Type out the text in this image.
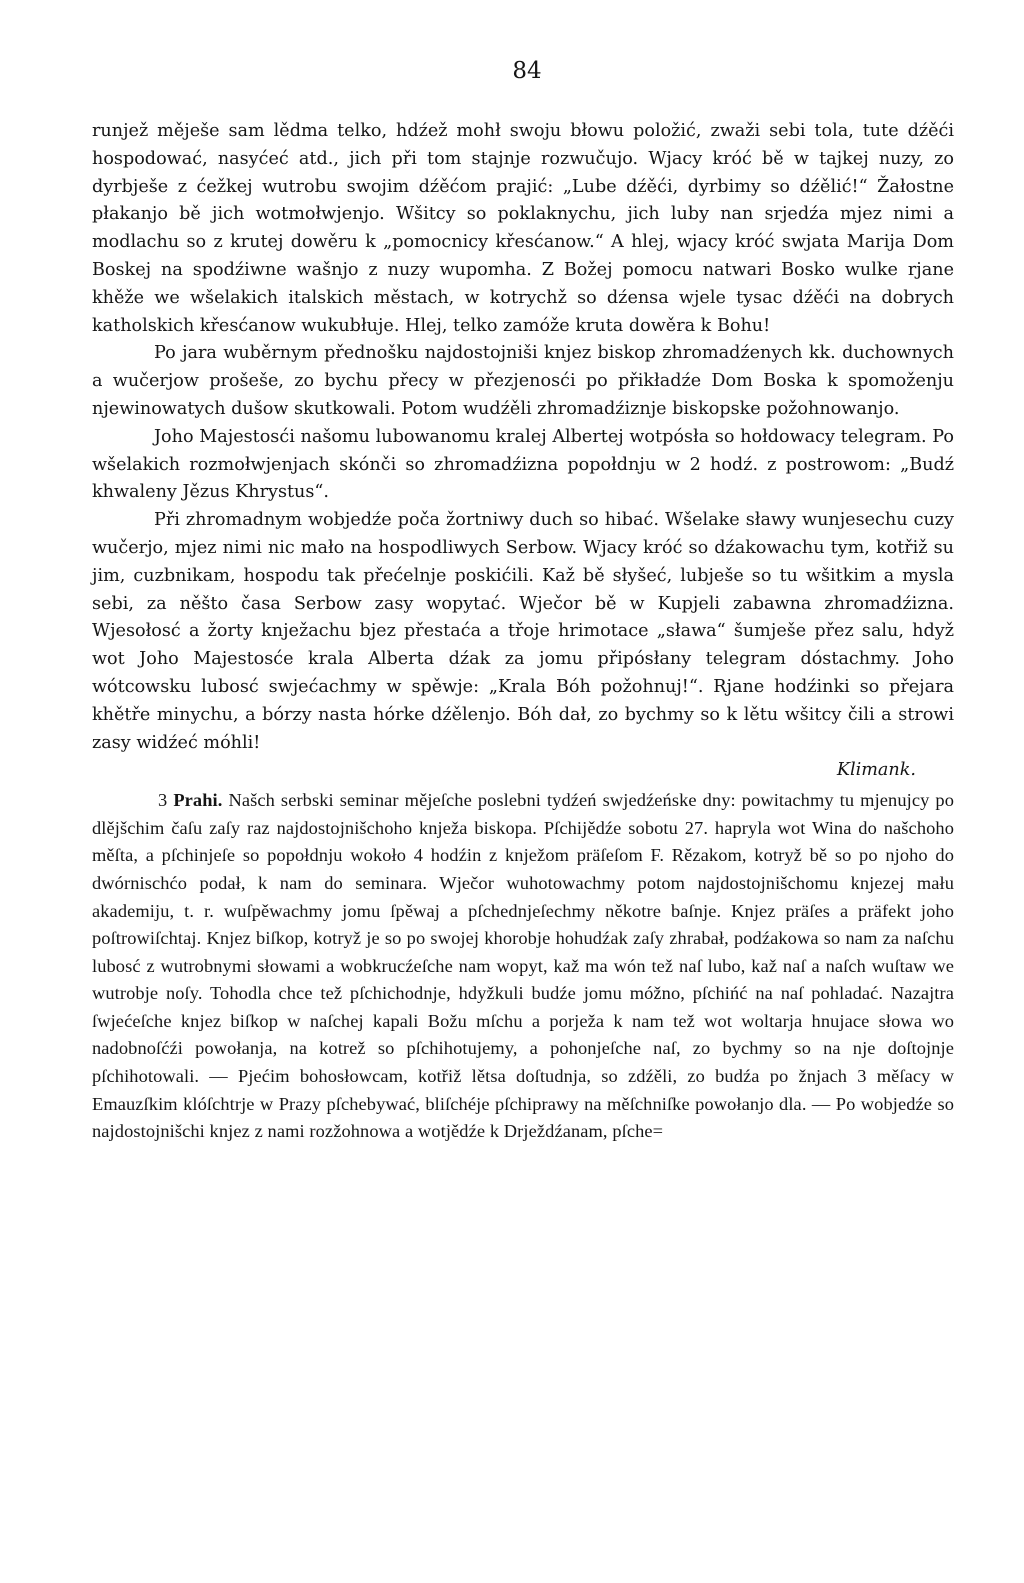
84

runjež měješe sam lědma telko, hdźež mohł swoju błowu položić, zwaži sebi tola, tute dźěći hospodować, nasyćeć atd., jich při tom stajnje rozwučujo. Wjacy króć bě w tajkej nuzy, zo dyrbješe z ćežkej wutrobu swojim dźěćom prajić: „Lube dźěći, dyrbimy so dźělić!“ Žałostne płakanjo bě jich wotmołwjenjo. Wšitcy so poklaknychu, jich luby nan srjedźa mjez nimi a modlachu so z krutej dowěru k „pomocnicy křesćanow.“ A hlej, wjacy króć swjata Marija Dom Boskej na spodźiwne wašnjo z nuzy wupomha. Z Božej pomocu natwari Bosko wulke rjane khěže we wšelakich italskich městach, w kotrychž so dźensa wjele tysac dźěći na dobrych katholskich křesćanow wukubłuje. Hlej, telko zamóže kruta dowěra k Bohu!

Po jara wuběrnym přednošku najdostojniši knjez biskop zhromadźenych kk. duchownych a wučerjow prošeše, zo bychu přecy w přezjenosći po přikładźe Dom Boska k spomoženju njewinowatych dušow skutkowali. Potom wudźěli zhromadźiznje biskopske požohnowanjo.

Joho Majestosći našomu lubowanomu kralej Albertej wotpósła so hołdowacy telegram. Po wšelakich rozmołwjenjach skónči so zhromadźizna popołdnju w 2 hodź. z postrowom: „Budź khwaleny Jězus Khrystus“.

Při zhromadnym wobjedźe poča žortniwy duch so hibać. Wšelake sławy wunjesechu cuzy wučerjo, mjez nimi nic mało na hospodliwych Serbow. Wjacy króć so dźakowachu tym, kotřiž su jim, cuzbnikam, hospodu tak přećelnje poskićili. Kaž bě słyšeć, lubješe so tu wšitkim a mysla sebi, za něšto časa Serbow zasy wopytać. Wječor bě w Kupjeli zabawna zhromadźizna. Wjesołosć a žorty knježachu bjez přestaća a třoje hrimotace „sława“ šumješe přez salu, hdyž wot Joho Majestosće krala Alberta dźak za jomu připósłany telegram dóstachmy. Joho wótcowsku lubosć swjećachmy w spěwje: „Krala Bóh požohnuj!“. Rjane hodźinki so přejara khětře minychu, a bórzy nasta hórke dźělenjo. Bóh dał, zo bychmy so k lětu wšitcy čili a strowi zasy widźeć móhli!

Klimank.

3 Prahi. Našch serbski seminar mějeſche poslebni tydźeń swjedźeńske dny: powitachmy tu mjenujcy po dlějšchim čaſu zaſy raz najdostojnišchoho knježa biskopa. Pſchijědźe sobotu 27. hapryla wot Wina do našchoho měſta, a pſchinjeſe so popołdnju wokoło 4 hodźin z knježom präſeſom F. Rězakom, kotryž bě so po njoho do dwórnischćo podał, k nam do seminara. Wječor wuhotowachmy potom najdostojnišchomu knjezej mału akademiju, t. r. wuſpěwachmy jomu ſpěwaj a pſchednjeſechmy někotre baſnje. Knjez präſes a präfekt joho poſtrowiſchtaj. Knjez biſkop, kotryž je so po swojej khorobje hohudźak zaſy zhrabał, podźakowa so nam za naſchu lubosć z wutrobnymi słowami a wobkrucźeſche nam wopyt, kaž ma wón tež naſ lubo, kaž naſ a naſch wuſtaw we wutrobje noſy. Tohodla chce tež pſchichodnje, hdyžkuli budźe jomu móžno, pſchińć na naſ pohladać. Nazajtra ſwjećeſche knjez biſkop w naſchej kapali Božu mſchu a porježa k nam tež wot woltarja hnujace słowa wo nadobnoſćźi powołanja, na kotrež so pſchihotujemy, a pohonjeſche naſ, zo bychmy so na nje doſtojnje pſchihotowali. — Pjećim bohosłowcam, kotřiž lětsa doſtudnja, so zdźěli, zo budźa po žnjach 3 měſacy w Emauzſkim klóſchtrje w Prazy pſchebywać, bliſchéje pſchiprawy na měſchniſke powołanjo dla. — Po wobjedźe so najdostojnišchi knjez z nami rozžohnowa a wotjědźe k Drježdźanam, pſche=
